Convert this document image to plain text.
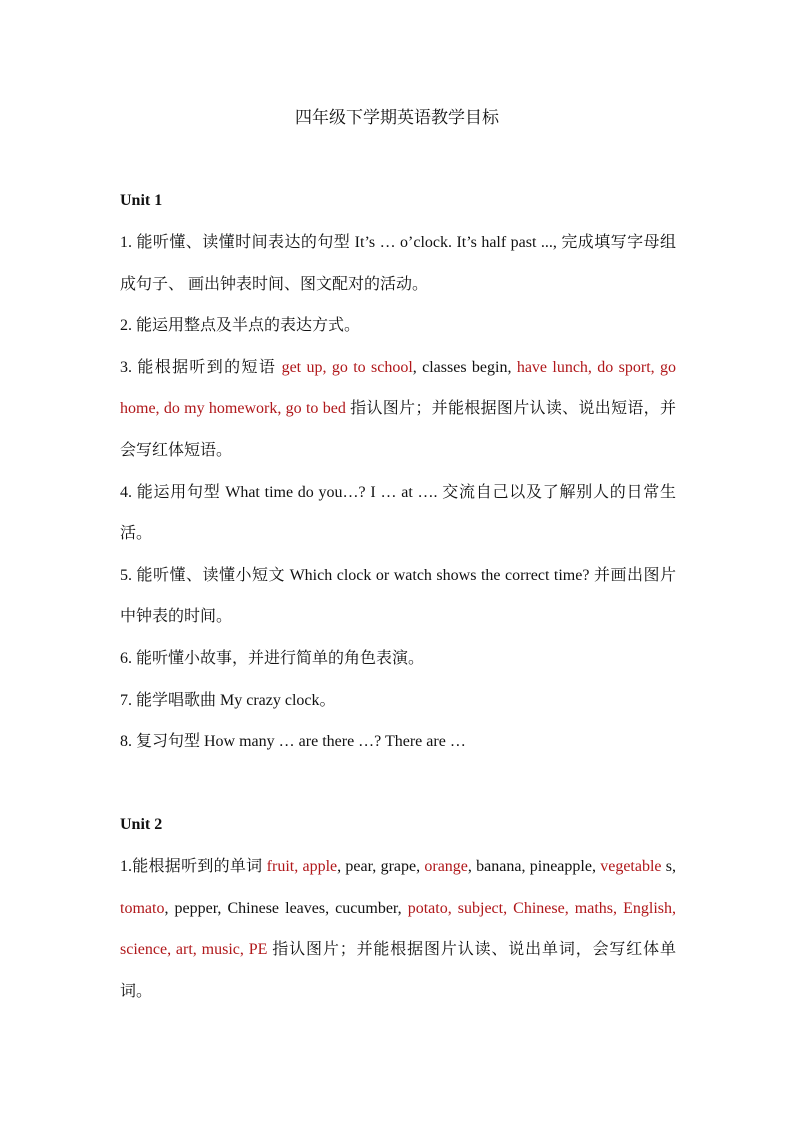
四年级下学期英语教学目标
Unit 1

1. 能听懂、读懂时间表达的句型 It’s … o’clock. It’s half past ..., 完成填写字母组成句子、 画出钟表时间、图文配对的活动。

2. 能运用整点及半点的表达方式。

3. 能根据听到的短语 get up, go to school, classes begin, have lunch, do sport, go home, do my homework, go to bed 指认图片；并能根据图片认读、说出短语，并会写红体短语。

4. 能运用句型 What time do you…? I … at …. 交流自己以及了解别人的日常生活。

5. 能听懂、读懂小短文 Which clock or watch shows the correct time? 并画出图片中钟表的时间。

6. 能听懂小故事，并进行简单的角色表演。

7. 能学唱歌曲 My crazy clock。

8. 复习句型 How many … are there …? There are …

Unit 2

1.能根据听到的单词 fruit, apple, pear, grape, orange, banana, pineapple, vegetable s, tomato, pepper, Chinese leaves, cucumber, potato, subject, Chinese, maths, English, science, art, music, PE 指认图片；并能根据图片认读、说出单词，会写红体单词。
